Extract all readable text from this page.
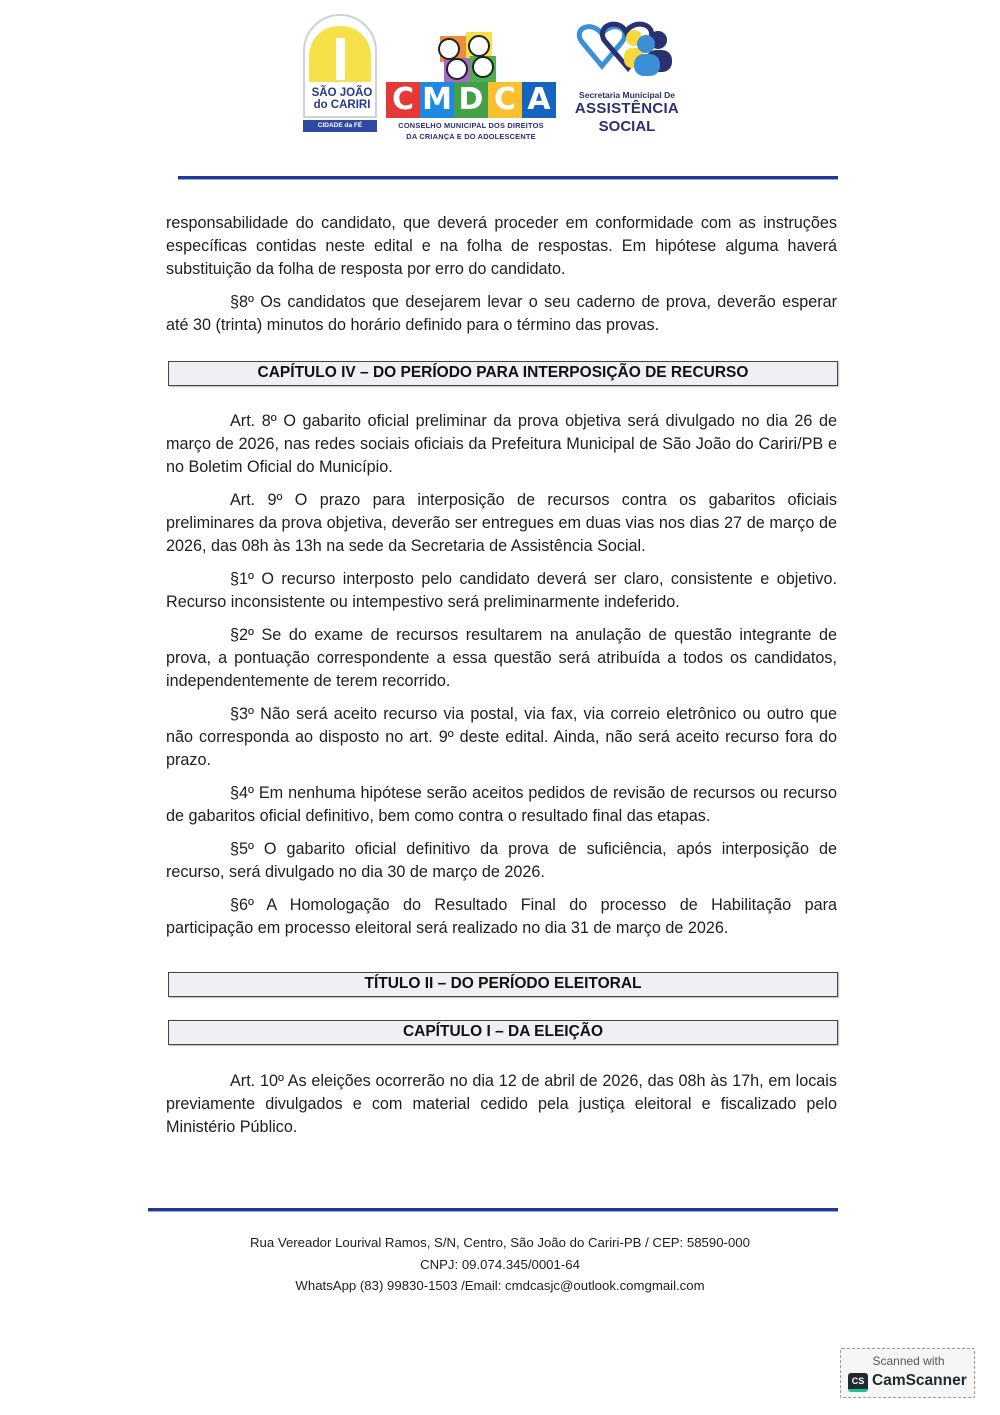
SÃO JOÃO
do CARIRI
CIDADE da FÉ
C M D C A
CONSELHO MUNICIPAL DOS DIREITOS
DA CRIANÇA E DO ADOLESCENTE
Secretaria Municipal De
ASSISTÊNCIA
SOCIAL

responsabilidade do candidato, que deverá proceder em conformidade com as instruções específicas contidas neste edital e na folha de respostas. Em hipótese alguma haverá substituição da folha de resposta por erro do candidato.

§8º Os candidatos que desejarem levar o seu caderno de prova, deverão esperar até 30 (trinta) minutos do horário definido para o término das provas.

CAPÍTULO IV – DO PERÍODO PARA INTERPOSIÇÃO DE RECURSO

Art. 8º O gabarito oficial preliminar da prova objetiva será divulgado no dia 26 de março de 2026, nas redes sociais oficiais da Prefeitura Municipal de São João do Cariri/PB e no Boletim Oficial do Município.

Art. 9º O prazo para interposição de recursos contra os gabaritos oficiais preliminares da prova objetiva, deverão ser entregues em duas vias nos dias 27 de março de 2026, das 08h às 13h na sede da Secretaria de Assistência Social.

§1º O recurso interposto pelo candidato deverá ser claro, consistente e objetivo. Recurso inconsistente ou intempestivo será preliminarmente indeferido.

§2º Se do exame de recursos resultarem na anulação de questão integrante de prova, a pontuação correspondente a essa questão será atribuída a todos os candidatos, independentemente de terem recorrido.

§3º Não será aceito recurso via postal, via fax, via correio eletrônico ou outro que não corresponda ao disposto no art. 9º deste edital. Ainda, não será aceito recurso fora do prazo.

§4º Em nenhuma hipótese serão aceitos pedidos de revisão de recursos ou recurso de gabaritos oficial definitivo, bem como contra o resultado final das etapas.

§5º O gabarito oficial definitivo da prova de suficiência, após interposição de recurso, será divulgado no dia 30 de março de 2026.

§6º A Homologação do Resultado Final do processo de Habilitação para participação em processo eleitoral será realizado no dia 31 de março de 2026.

TÍTULO II – DO PERÍODO ELEITORAL
CAPÍTULO I – DA ELEIÇÃO

Art. 10º As eleições ocorrerão no dia 12 de abril de 2026, das 08h às 17h, em locais previamente divulgados e com material cedido pela justiça eleitoral e fiscalizado pelo Ministério Público.

Rua Vereador Lourival Ramos, S/N, Centro, São João do Cariri-PB / CEP: 58590-000
CNPJ: 09.074.345/0001-64
WhatsApp (83) 99830-1503 /Email: cmdcasjc@outlook.comgmail.com
Scanned with
CS CamScanner
